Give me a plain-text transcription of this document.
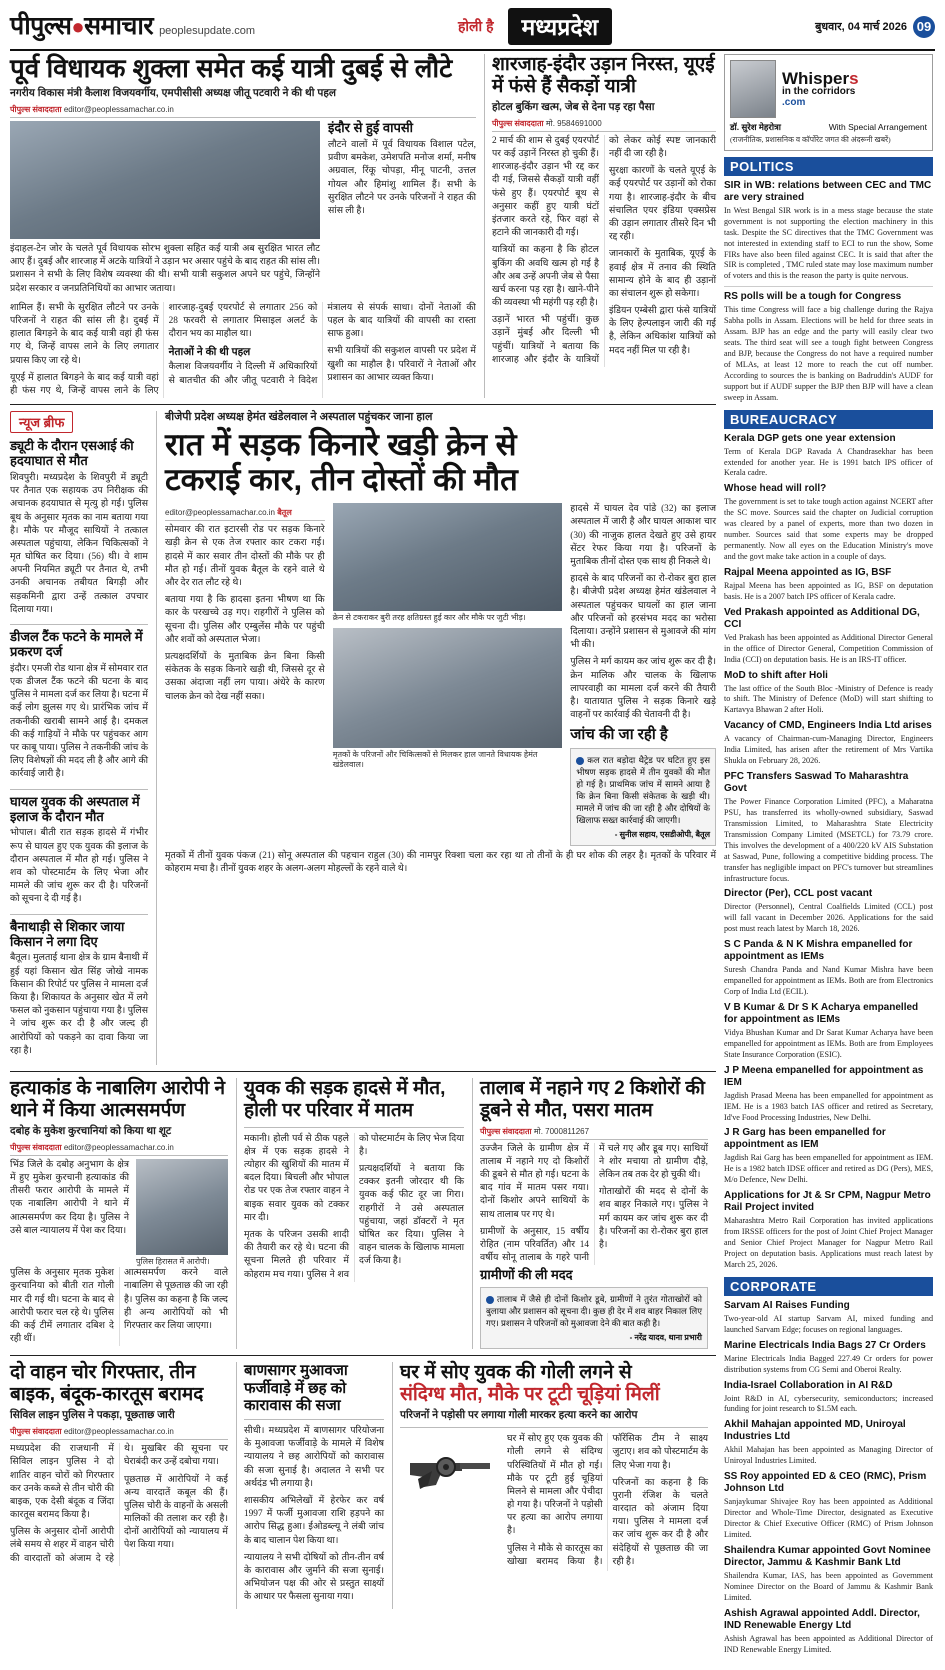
पीपुल्स●समाचार peoplesupdate.com	होली है	मध्यप्रदेश	बुधवार, 04 मार्च 2026 09
पूर्व विधायक शुक्ला समेत कई यात्री दुबई से लौटे
नगरीय विकास मंत्री कैलाश विजयवर्गीय, एमपीसीसी अध्यक्ष जीतू पटवारी ने की थी पहल
पीपुल्स संवाददाता editor@peoplessamachar.co.in

इंदाहल-टेन जोर के चलते पूर्व विधायक सोरभ शुक्ला सहित कई यात्री अब सुरक्षित भारत लौट आए हैं। दुबई और शारजाह में अटके यात्रियों ने उड़ान भर असार पहुंचे के बाद राहत की सांस ली। प्रशासन ने सभी के लिए विशेष व्यवस्था की थी। सभी यात्री सकुशल अपने घर पहुंचे, जिन्होंने प्रदेश सरकार व जनप्रतिनिधियों का आभार जताया।

इंदौर से हुई वापसी

लौटने वालों में पूर्व विधायक विशाल पटेल, प्रवीण बमकेश, उमेशपति मनोज शर्मा, मनीष अग्रवाल, रिंकू चोपड़ा, मीनू पाटनी, उत्तल गोयल और हिमांशु शामिल हैं। सभी के सुरक्षित लौटने पर उनके परिजनों ने राहत की सांस ली है।

शामिल हैं। सभी के सुरक्षित लौटने पर उनके परिजनों ने राहत की सांस ली है। दुबई में हालात बिगड़ने के बाद कई यात्री वहां ही फंस गए थे, जिन्हें वापस लाने के लिए लगातार प्रयास किए जा रहे थे।

यूएई में हालात बिगड़ने के बाद कई यात्री वहां ही फंस गए थे, जिन्हें वापस लाने के लिए शारजाह-दुबई एयरपोर्ट से लगातार 256 को 28 फरवरी से लगातार मिसाइल अलर्ट के दौरान भय का माहौल था।

नेताओं ने की थी पहल

कैलाश विजयवर्गीय ने दिल्ली में अधिकारियों से बातचीत की और जीतू पटवारी ने विदेश मंत्रालय से संपर्क साधा। दोनों नेताओं की पहल के बाद यात्रियों की वापसी का रास्ता साफ हुआ।

सभी यात्रियों की सकुशल वापसी पर प्रदेश में खुशी का माहौल है। परिवारों ने नेताओं और प्रशासन का आभार व्यक्त किया।

शारजाह-इंदौर उड़ान निरस्त, यूएई में फंसे हैं सैकड़ों यात्री
होटल बुकिंग खत्म, जेब से देना पड़ रहा पैसा
पीपुल्स संवाददाता मो. 9584691000

2 मार्च की शाम से दुबई एयरपोर्ट पर कई उड़ानें निरस्त हो चुकी हैं। शारजाह-इंदौर उड़ान भी रद्द कर दी गई, जिससे सैकड़ों यात्री वहीं फंसे हुए हैं। एयरपोर्ट बूथ से अनुसार कहीं हुए यात्री घंटों इंतजार करते रहे, फिर वहां से हटाने की जानकारी दी गई।

यात्रियों का कहना है कि होटल बुकिंग की अवधि खत्म हो गई है और अब उन्हें अपनी जेब से पैसा खर्च करना पड़ रहा है। खाने-पीने की व्यवस्था भी महंगी पड़ रही है।

उड़ानें भारत भी पहुंचीं। कुछ उड़ानें मुंबई और दिल्ली भी पहुंचीं। यात्रियों ने बताया कि शारजाह और इंदौर के यात्रियों को लेकर कोई स्पष्ट जानकारी नहीं दी जा रही है।

सुरक्षा कारणों के चलते यूएई के कई एयरपोर्ट पर उड़ानों को रोका गया है। शारजाह-इंदौर के बीच संचालित एयर इंडिया एक्सप्रेस की उड़ान लगातार तीसरे दिन भी रद्द रही।

जानकारों के मुताबिक, यूएई के हवाई क्षेत्र में तनाव की स्थिति सामान्य होने के बाद ही उड़ानों का संचालन शुरू हो सकेगा।

इंडियन एम्बेसी द्वारा फंसे यात्रियों के लिए हेल्पलाइन जारी की गई है, लेकिन अधिकांश यात्रियों को मदद नहीं मिल पा रही है।

न्यूज ब्रीफ
ड्यूटी के दौरान एसआई की हदयाघात से मौत

शिवपुरी। मध्यप्रदेश के शिवपुरी में ड्यूटी पर तैनात एक सहायक उप निरीक्षक की अचानक हदयाघात से मृत्यु हो गई। पुलिस बूथ के अनुसार मृतक का नाम बताया गया है। मौके पर मौजूद साथियों ने तत्काल अस्पताल पहुंचाया, लेकिन चिकित्सकों ने मृत घोषित कर दिया। (56) थी। वे शाम अपनी नियमित ड्यूटी पर तैनात थे, तभी उनकी अचानक तबीयत बिगड़ी और सड़कमिनी द्वारा उन्हें तत्काल उपचार दिलाया गया।

डीजल टैंक फटने के मामले में प्रकरण दर्ज

इंदौर। एमजी रोड थाना क्षेत्र में सोमवार रात एक डीजल टैंक फटने की घटना के बाद पुलिस ने मामला दर्ज कर लिया है। घटना में कई लोग झुलस गए थे। प्रारंभिक जांच में तकनीकी खराबी सामने आई है। दमकल की कई गाड़ियों ने मौके पर पहुंचकर आग पर काबू पाया। पुलिस ने तकनीकी जांच के लिए विशेषज्ञों की मदद ली है और आगे की कार्रवाई जारी है।

घायल युवक की अस्पताल में इलाज के दौरान मौत

भोपाल। बीती रात सड़क हादसे में गंभीर रूप से घायल हुए एक युवक की इलाज के दौरान अस्पताल में मौत हो गई। पुलिस ने शव को पोस्टमार्टम के लिए भेजा और मामले की जांच शुरू कर दी है। परिजनों को सूचना दे दी गई है।

बैनाथाड़ी से शिकार जाया किसान ने लगा दिए

बैतूल। मुलताई थाना क्षेत्र के ग्राम बैनाथी में हुई यहां किसान खेत सिंह जोखे नामक किसान की रिपोर्ट पर पुलिस ने मामला दर्ज किया है। शिकायत के अनुसार खेत में लगे फसल को नुकसान पहुंचाया गया है। पुलिस ने जांच शुरू कर दी है और जल्द ही आरोपियों को पकड़ने का दावा किया जा रहा है।

बीजेपी प्रदेश अध्यक्ष हेमंत खंडेलवाल ने अस्पताल पहुंचकर जाना हाल
रात में सड़क किनारे खड़ी क्रेन से
टकराई कार, तीन दोस्तों की मौत
editor@peoplessamachar.co.in बैतूल

सोमवार की रात इटारसी रोड पर सड़क किनारे खड़ी क्रेन से एक तेज रफ्तार कार टकरा गई। हादसे में कार सवार तीन दोस्तों की मौके पर ही मौत हो गई। तीनों युवक बैतूल के रहने वाले थे और देर रात लौट रहे थे।

बताया गया है कि हादसा इतना भीषण था कि कार के परखच्चे उड़ गए। राहगीरों ने पुलिस को सूचना दी। पुलिस और एम्बुलेंस मौके पर पहुंची और शवों को अस्पताल भेजा।

प्रत्यक्षदर्शियों के मुताबिक क्रेन बिना किसी संकेतक के सड़क किनारे खड़ी थी, जिससे दूर से उसका अंदाजा नहीं लग पाया। अंधेरे के कारण चालक क्रेन को देख नहीं सका।

क्रेन से टकराकर बुरी तरह क्षतिग्रस्त हुई कार और मौके पर जुटी भीड़।
मृतकों के परिजनों और चिकित्सकों से मिलकर हाल जानते विधायक हेमंत खंडेलवाल।

हादसे में घायल देव पांडे (32) का इलाज अस्पताल में जारी है और घायल आकाश चार (30) की नाजुक हालत देखते हुए उसे हायर सेंटर रेफर किया गया है। परिजनों के मुताबिक तीनों दोस्त एक साथ ही निकले थे।

हादसे के बाद परिजनों का रो-रोकर बुरा हाल है। बीजेपी प्रदेश अध्यक्ष हेमंत खंडेलवाल ने अस्पताल पहुंचकर घायलों का हाल जाना और परिजनों को हरसंभव मदद का भरोसा दिलाया। उन्होंने प्रशासन से मुआवजे की मांग भी की।

पुलिस ने मर्ग कायम कर जांच शुरू कर दी है। क्रेन मालिक और चालक के खिलाफ लापरवाही का मामला दर्ज करने की तैयारी है। यातायात पुलिस ने सड़क किनारे खड़े वाहनों पर कार्रवाई की चेतावनी दी है।

जांच की जा रही है
कल रात बड़ोदा थैट्रेड पर घटित हुए इस भीषण सड़क हादसे में तीन युवकों की मौत हो गई है। प्राथमिक जांच में सामने आया है कि क्रेन बिना किसी संकेतक के खड़ी थी। मामले में जांच की जा रही है और दोषियों के खिलाफ सख्त कार्रवाई की जाएगी।
- सुनील सहाय, एसडीओपी, बैतूल

मृतकों में तीनों युवक पंकज (21) सोनू अस्पताल की पहचान राहुल (30) की नामपुर रिक्शा चला कर रहा था तो तीनों के ही घर शोक की लहर है। मृतकों के परिवार में कोहराम मचा है। तीनों युवक शहर के अलग-अलग मोहल्लों के रहने वाले थे।

हत्याकांड के नाबालिग आरोपी ने थाने में किया आत्मसमर्पण
दबोह के मुकेश कुरचानियां को किया था शूट
पीपुल्स संवाददाता editor@peoplessamachar.co.in

भिंड जिले के दबोह अनुभाग के क्षेत्र में हुए मुकेश कुरचानी हत्याकांड की तीसरी फरार आरोपी के मामले में एक नाबालिग आरोपी ने थाने में आत्मसमर्पण कर दिया है। पुलिस ने उसे बाल न्यायालय में पेश कर दिया।

पुलिस हिरासत में आरोपी।

पुलिस के अनुसार मृतक मुकेश कुरचानिया को बीती रात गोली मार दी गई थी। घटना के बाद से आरोपी फरार चल रहे थे। पुलिस की कई टीमें लगातार दबिश दे रही थीं।

आत्मसमर्पण करने वाले नाबालिग से पूछताछ की जा रही है। पुलिस का कहना है कि जल्द ही अन्य आरोपियों को भी गिरफ्तार कर लिया जाएगा।

युवक की सड़क हादसे में मौत, होली पर परिवार में मातम

मकानी। होली पर्व से ठीक पहले क्षेत्र में एक सड़क हादसे ने त्योहार की खुशियों की मातम में बदल दिया। बिचली और भोपाल रोड पर एक तेज रफ्तार वाहन ने बाइक सवार युवक को टक्कर मार दी।

मृतक के परिजन उसकी शादी की तैयारी कर रहे थे। घटना की सूचना मिलते ही परिवार में कोहराम मच गया। पुलिस ने शव को पोस्टमार्टम के लिए भेज दिया है।

प्रत्यक्षदर्शियों ने बताया कि टक्कर इतनी जोरदार थी कि युवक कई फीट दूर जा गिरा। राहगीरों ने उसे अस्पताल पहुंचाया, जहां डॉक्टरों ने मृत घोषित कर दिया। पुलिस ने वाहन चालक के खिलाफ मामला दर्ज किया है।

तालाब में नहाने गए 2 किशोरों की डूबने से मौत, पसरा मातम
पीपुल्स संवाददाता मो. 7000811267

उज्जैन जिले के ग्रामीण क्षेत्र में तालाब में नहाने गए दो किशोरों की डूबने से मौत हो गई। घटना के बाद गांव में मातम पसर गया। दोनों किशोर अपने साथियों के साथ तालाब पर गए थे।

ग्रामीणों के अनुसार, 15 वर्षीय रोहित (नाम परिवर्तित) और 14 वर्षीय सोनू तालाब के गहरे पानी में चले गए और डूब गए। साथियों ने शोर मचाया तो ग्रामीण दौड़े, लेकिन तब तक देर हो चुकी थी।

गोताखोरों की मदद से दोनों के शव बाहर निकाले गए। पुलिस ने मर्ग कायम कर जांच शुरू कर दी है। परिजनों का रो-रोकर बुरा हाल है।

ग्रामीणों की ली मदद
तालाब में जैसे ही दोनों किशोर डूबे, ग्रामीणों ने तुरंत गोताखोरों को बुलाया और प्रशासन को सूचना दी। कुछ ही देर में शव बाहर निकाल लिए गए। प्रशासन ने परिजनों को मुआवजा देने की बात कही है।
- नरेंद्र यादव, थाना प्रभारी
दो वाहन चोर गिरफ्तार, तीन बाइक, बंदूक-कारतूस बरामद
सिविल लाइन पुलिस ने पकड़ा, पूछताछ जारी
पीपुल्स संवाददाता editor@peoplessamachar.co.in

मध्यप्रदेश की राजधानी में सिविल लाइन पुलिस ने दो शातिर वाहन चोरों को गिरफ्तार कर उनके कब्जे से तीन चोरी की बाइक, एक देसी बंदूक व जिंदा कारतूस बरामद किया है।

पुलिस के अनुसार दोनों आरोपी लंबे समय से शहर में वाहन चोरी की वारदातों को अंजाम दे रहे थे। मुखबिर की सूचना पर घेराबंदी कर उन्हें दबोचा गया।

पूछताछ में आरोपियों ने कई अन्य वारदातें कबूल की हैं। पुलिस चोरी के वाहनों के असली मालिकों की तलाश कर रही है। दोनों आरोपियों को न्यायालय में पेश किया गया।

बाणसागर मुआवजा फर्जीवाड़े में छह को कारावास की सजा

सीधी। मध्यप्रदेश में बाणसागर परियोजना के मुआवजा फर्जीवाड़े के मामले में विशेष न्यायालय ने छह आरोपियों को कारावास की सजा सुनाई है। अदालत ने सभी पर अर्थदंड भी लगाया है।

शासकीय अभिलेखों में हेरफेर कर वर्ष 1997 में फर्जी मुआवजा राशि हड़पने का आरोप सिद्ध हुआ। ईओडब्ल्यू ने लंबी जांच के बाद चालान पेश किया था।

न्यायालय ने सभी दोषियों को तीन-तीन वर्ष के कारावास और जुर्माने की सजा सुनाई। अभियोजन पक्ष की ओर से प्रस्तुत साक्ष्यों के आधार पर फैसला सुनाया गया।

घर में सोए युवक की गोली लगने से
संदिग्ध मौत, मौके पर टूटी चूड़ियां मिलीं
परिजनों ने पड़ोसी पर लगाया गोली मारकर हत्या करने का आरोप

घर में सोए हुए एक युवक की गोली लगने से संदिग्ध परिस्थितियों में मौत हो गई। मौके पर टूटी हुई चूड़ियां मिलने से मामला और पेचीदा हो गया है। परिजनों ने पड़ोसी पर हत्या का आरोप लगाया है।

पुलिस ने मौके से कारतूस का खोखा बरामद किया है। फॉरेंसिक टीम ने साक्ष्य जुटाए। शव को पोस्टमार्टम के लिए भेजा गया है।

परिजनों का कहना है कि पुरानी रंजिश के चलते वारदात को अंजाम दिया गया। पुलिस ने मामला दर्ज कर जांच शुरू कर दी है और संदेहियों से पूछताछ की जा रही है।

Whispers
in the corridors
.com
डॉ. सुरेश मेहरोत्रा	With Special Arrangement
(राजनीतिक, प्रशासनिक व कॉर्पोरेट जगत की अंदरूनी खबरें)
POLITICS
SIR in WB: relations between CEC and TMC are very strained

In West Bengal SIR work is in a mess stage because the state government is not supporting the election machinery in this task. Despite the SC directives that the TMC Government was not interested in extending staff to ECI to run the show, Some FIRs have also been filed against CEC. It is said that after the SIR is completed , TMC ruled state may lose maximum number of voters and this is the reason the party is quite nervous.

RS polls will be a tough for Congress

This time Congress will face a big challenge during the Rajya Sabha polls in Assam. Elections will be held for three seats in Assam. BJP has an edge and the party will easily clear two seats. The third seat will see a tough fight between Congress and BJP, because the Congress do not have a required number of MLAs, at least 12 more to reach the cut off number. According to sources the is banking on Badruddin's AUDF for support but if AUDF supper the BJP then BJP will have a clean sweep in Assam.

BUREAUCRACY
Kerala DGP gets one year extension

Term of Kerala DGP Ravada A Chandrasekhar has been extended for another year. He is 1991 batch IPS officer of Kerala cadre.

Whose head will roll?

The government is set to take tough action against NCERT after the SC move. Sources said the chapter on Judicial corruption was cleared by a panel of experts, more than two dozen in number. Sources said that some experts may be dropped permanently. Now all eyes on the Education Ministry's move and the govt make take action in a couple of days.

Rajpal Meena appointed as IG, BSF

Rajpal Meena has been appointed as IG, BSF on deputation basis. He is a 2007 batch IPS officer of Kerala cadre.

Ved Prakash appointed as Additional DG, CCI

Ved Prakash has been appointed as Additional Director General in the office of Director General, Competition Commission of India (CCI) on deputation basis. He is an IRS-IT officer.

MoD to shift after Holi

The last office of the South Bloc -Ministry of Defence is ready to shift. The Ministry of Defence (MoD) will start shifting to Kartavya Bhawan 2 after Holi.

Vacancy of CMD, Engineers India Ltd arises

A vacancy of Chairman-cum-Managing Director, Engineers India Limited, has arisen after the retirement of Mrs Vartika Shukla on February 28, 2026.

PFC Transfers Saswad To Maharashtra Govt

The Power Finance Corporation Limited (PFC), a Maharatna PSU, has transferred its wholly-owned subsidiary, Saswad Transmission Limited, to Maharashtra State Electricity Transmission Company Limited (MSETCL) for 73.79 crore. This involves the development of a 400/220 kV AIS Substation at Saswad, Pune, following a competitive bidding process. The transfer has negligible impact on PFC's turnover but streamlines infrastructure focus.

Director (Per), CCL post vacant

Director (Personnel), Central Coalfields Limited (CCL) post will fall vacant in December 2026. Applications for the said post must reach latest by March 18, 2026.

S C Panda & N K Mishra empanelled for appointment as IEMs

Suresh Chandra Panda and Nand Kumar Mishra have been empanelled for appointment as IEMs. Both are from Electronics Corp of India Ltd (ECIL).

V B Kumar & Dr S K Acharya empanelled for appointment as IEMs

Vidya Bhushan Kumar and Dr Sarat Kumar Acharya have been empanelled for appointment as IEMs. Both are from Employees State Insurance Corporation (ESIC).

J P Meena empanelled for appointment as IEM

Jagdish Prasad Meena has been empanelled for appointment as IEM. He is a 1983 batch IAS officer and retired as Secretary, Id've Food Processing Industries, New Delhi.

J R Garg has been empanelled for appointment as IEM

Jagdish Rai Garg has been empanelled for appointment as IEM. He is a 1982 batch IDSE officer and retired as DG (Pers), MES, M/o Defence, New Delhi.

Applications for Jt & Sr CPM, Nagpur Metro Rail Project invited

Maharashtra Metro Rail Corporation has invited applications from IRSSE officers for the post of Joint Chief Project Manager and Senior Chief Project Manager for Nagpur Metro Rail Project on deputation basis. Applications must reach latest by March 25, 2026.

CORPORATE
Sarvam AI Raises Funding

Two-year-old AI startup Sarvam AI, mixed funding and launched Sarvam Edge; focuses on regional languages.

Marine Electricals India Bags 27 Cr Orders

Marine Electricals India Bagged 227.49 Cr orders for power distribution systems from CG Semi and Oberoi Realty.

India-Israel Collaboration in AI R&D

Joint R&D in AI, cybersecurity, semiconductors; increased funding for joint research to $1.5M each.

Akhil Mahajan appointed MD, Uniroyal Industries Ltd

Akhil Mahajan has been appointed as Managing Director of Uniroyal Industries Limited.

SS Roy appointed ED & CEO (RMC), Prism Johnson Ltd

Sanjaykumar Shivajee Roy has been appointed as Additional Director and Whole-Time Director, designated as Executive Director & Chief Executive Officer (RMC) of Prism Johnson Limited.

Shailendra Kumar appointed Govt Nominee Director, Jammu & Kashmir Bank Ltd

Shailendra Kumar, IAS, has been appointed as Government Nominee Director on the Board of Jammu & Kashmir Bank Limited.

Ashish Agrawal appointed Addl. Director, IND Renewable Energy Ltd

Ashish Agrawal has been appointed as Additional Director of IND Renewable Energy Limited.
